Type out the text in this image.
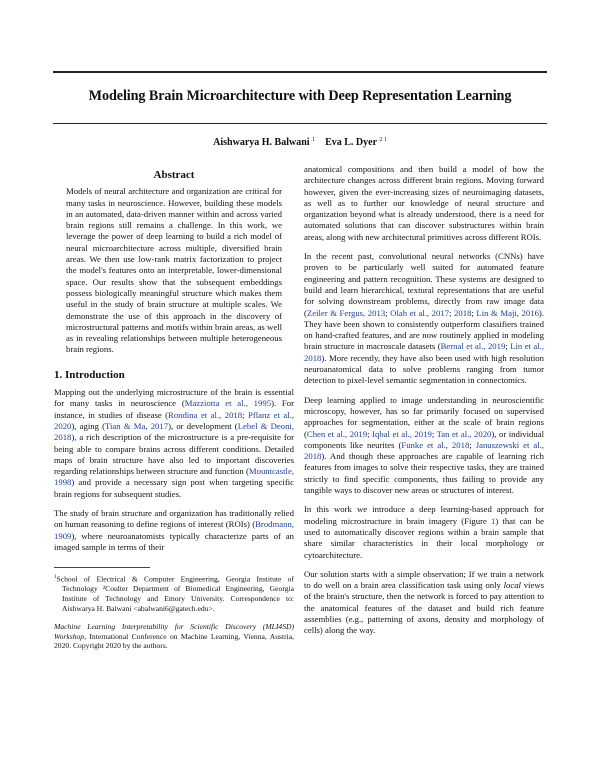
Modeling Brain Microarchitecture with Deep Representation Learning
Aishwarya H. Balwani $^1$ Eva L. Dyer $^{2 1}$
Abstract
Models of neural architecture and organization are critical for many tasks in neuroscience. However, building these models in an automated, data-driven manner within and across varied brain regions still remains a challenge. In this work, we leverage the power of deep learning to build a rich model of neural microarchitecture across multiple, diversified brain areas. We then use low-rank matrix factorization to project the model's features onto an interpretable, lower-dimensional space. Our results show that the subsequent embeddings possess biologically meaningful structure which makes them useful in the study of brain structure at multiple scales. We demonstrate the use of this approach in the discovery of microstructural patterns and motifs within brain areas, as well as in revealing relationships between multiple heterogeneous brain regions.
1. Introduction

Mapping out the underlying microstructure of the brain is essential for many tasks in neuroscience (Mazziotta et al., 1995). For instance, in studies of disease (Rondina et al., 2018; Pflanz et al., 2020), aging (Tian & Ma, 2017), or development (Lebel & Deoni, 2018), a rich description of the microstructure is a pre-requisite for being able to compare brains across different conditions. Detailed maps of brain structure have also led to important discoveries regarding relationships between structure and function (Mountcastle, 1998) and provide a necessary sign post when targeting specific brain regions for subsequent studies.

The study of brain structure and organization has traditionally relied on human reasoning to define regions of interest (ROIs) (Brodmann, 1909), where neuroanatomists typically characterize parts of an imaged sample in terms of their

$^1$School of Electrical & Computer Engineering, Georgia Institute of Technology ²Coulter Department of Biomedical Engineering, Georgia Institute of Technology and Emory University. Correspondence to: Aishwarya H. Balwani <abalwani6@gatech.edu>.
Machine Learning Interpretability for Scientific Discovery (MLI4SD) Workshop, International Conference on Machine Learning, Vienna, Austria, 2020. Copyright 2020 by the authors.

anatomical compositions and then build a model of how the architecture changes across different brain regions. Moving forward however, given the ever-increasing sizes of neuroimaging datasets, as well as to further our knowledge of neural structure and organization beyond what is already understood, there is a need for automated solutions that can discover substructures within brain areas, along with new architectural primitives across different ROIs.

In the recent past, convolutional neural networks (CNNs) have proven to be particularly well suited for automated feature engineering and pattern recognition. These systems are designed to build and learn hierarchical, textural representations that are useful for solving downstream problems, directly from raw image data (Zeiler & Fergus, 2013; Olah et al., 2017; 2018; Lin & Maji, 2016). They have been shown to consistently outperform classifiers trained on hand-crafted features, and are now routinely applied in modeling brain structure in macroscale datasets (Bernal et al., 2019; Lin et al., 2018). More recently, they have also been used with high resolution neuroanatomical data to solve problems ranging from tumor detection to pixel-level semantic segmentation in connectomics.

Deep learning applied to image understanding in neuroscientific microscopy, however, has so far primarily focused on supervised approaches for segmentation, either at the scale of brain regions (Chen et al., 2019; Iqbal et al., 2019; Tan et al., 2020), or individual components like neurites (Funke et al., 2018; Januszewski et al., 2018). And though these approaches are capable of learning rich features from images to solve their respective tasks, they are trained strictly to find specific components, thus failing to provide any tangible ways to discover new areas or structures of interest.

In this work we introduce a deep learning-based approach for modeling microstructure in brain imagery (Figure 1) that can be used to automatically discover regions within a brain sample that share similar characteristics in their local morphology or cytoarchitecture.

Our solution starts with a simple observation; If we train a network to do well on a brain area classification task using only local views of the brain's structure, then the network is forced to pay attention to the anatomical features of the dataset and build rich feature assemblies (e.g., patterning of axons, density and morphology of cells) along the way.
